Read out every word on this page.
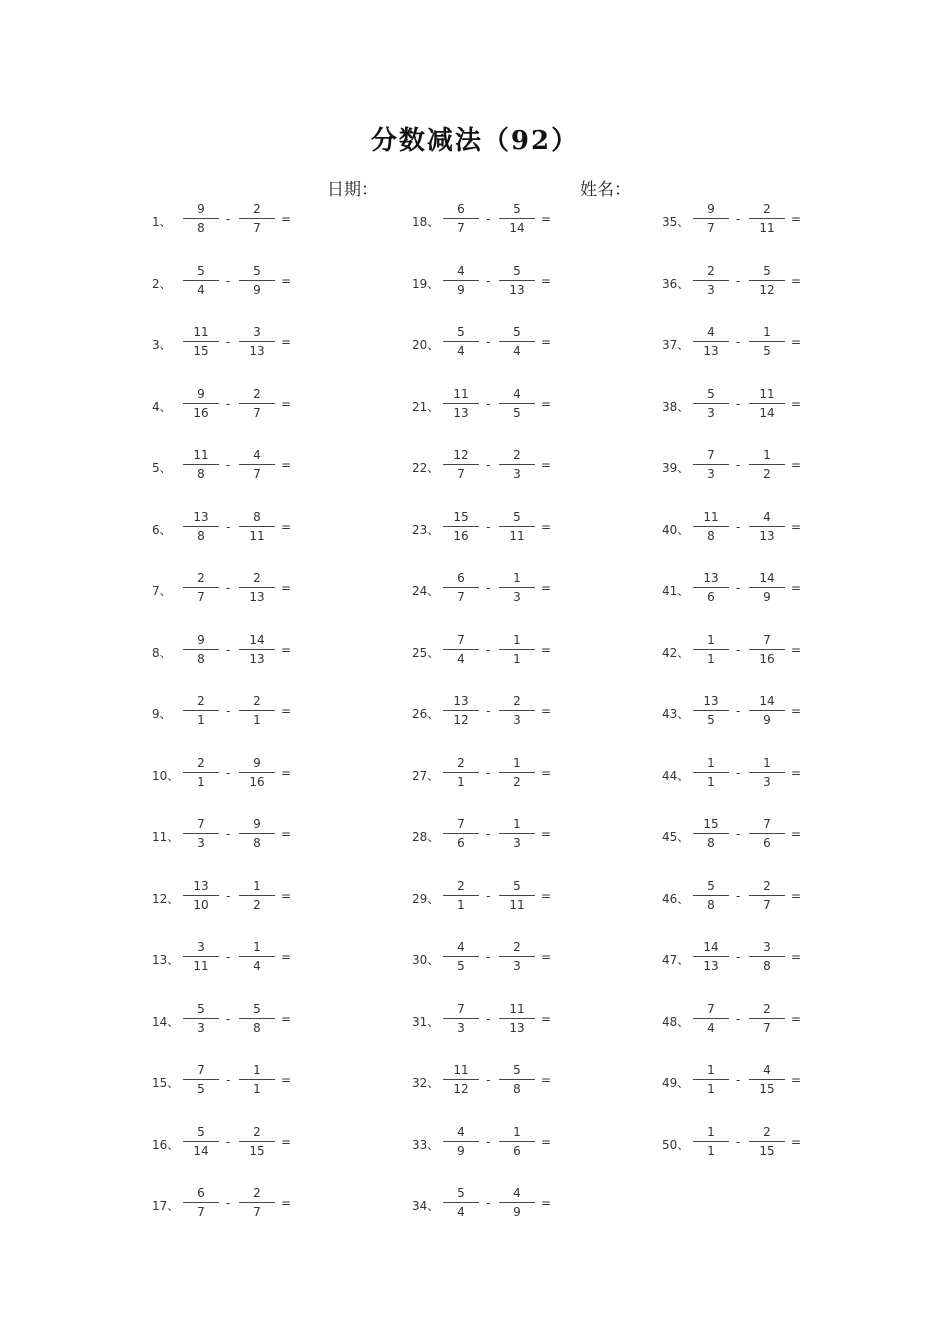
分数减法（92）
日期：	姓名：
1、
9
8
-
2
7
=
2、
5
4
-
5
9
=
3、
11
15
-
3
13
=
4、
9
16
-
2
7
=
5、
11
8
-
4
7
=
6、
13
8
-
8
11
=
7、
2
7
-
2
13
=
8、
9
8
-
14
13
=
9、
2
1
-
2
1
=
10、
2
1
-
9
16
=
11、
7
3
-
9
8
=
12、
13
10
-
1
2
=
13、
3
11
-
1
4
=
14、
5
3
-
5
8
=
15、
7
5
-
1
1
=
16、
5
14
-
2
15
=
17、
6
7
-
2
7
=
18、
6
7
-
5
14
=
19、
4
9
-
5
13
=
20、
5
4
-
5
4
=
21、
11
13
-
4
5
=
22、
12
7
-
2
3
=
23、
15
16
-
5
11
=
24、
6
7
-
1
3
=
25、
7
4
-
1
1
=
26、
13
12
-
2
3
=
27、
2
1
-
1
2
=
28、
7
6
-
1
3
=
29、
2
1
-
5
11
=
30、
4
5
-
2
3
=
31、
7
3
-
11
13
=
32、
11
12
-
5
8
=
33、
4
9
-
1
6
=
34、
5
4
-
4
9
=
35、
9
7
-
2
11
=
36、
2
3
-
5
12
=
37、
4
13
-
1
5
=
38、
5
3
-
11
14
=
39、
7
3
-
1
2
=
40、
11
8
-
4
13
=
41、
13
6
-
14
9
=
42、
1
1
-
7
16
=
43、
13
5
-
14
9
=
44、
1
1
-
1
3
=
45、
15
8
-
7
6
=
46、
5
8
-
2
7
=
47、
14
13
-
3
8
=
48、
7
4
-
2
7
=
49、
1
1
-
4
15
=
50、
1
1
-
2
15
=
